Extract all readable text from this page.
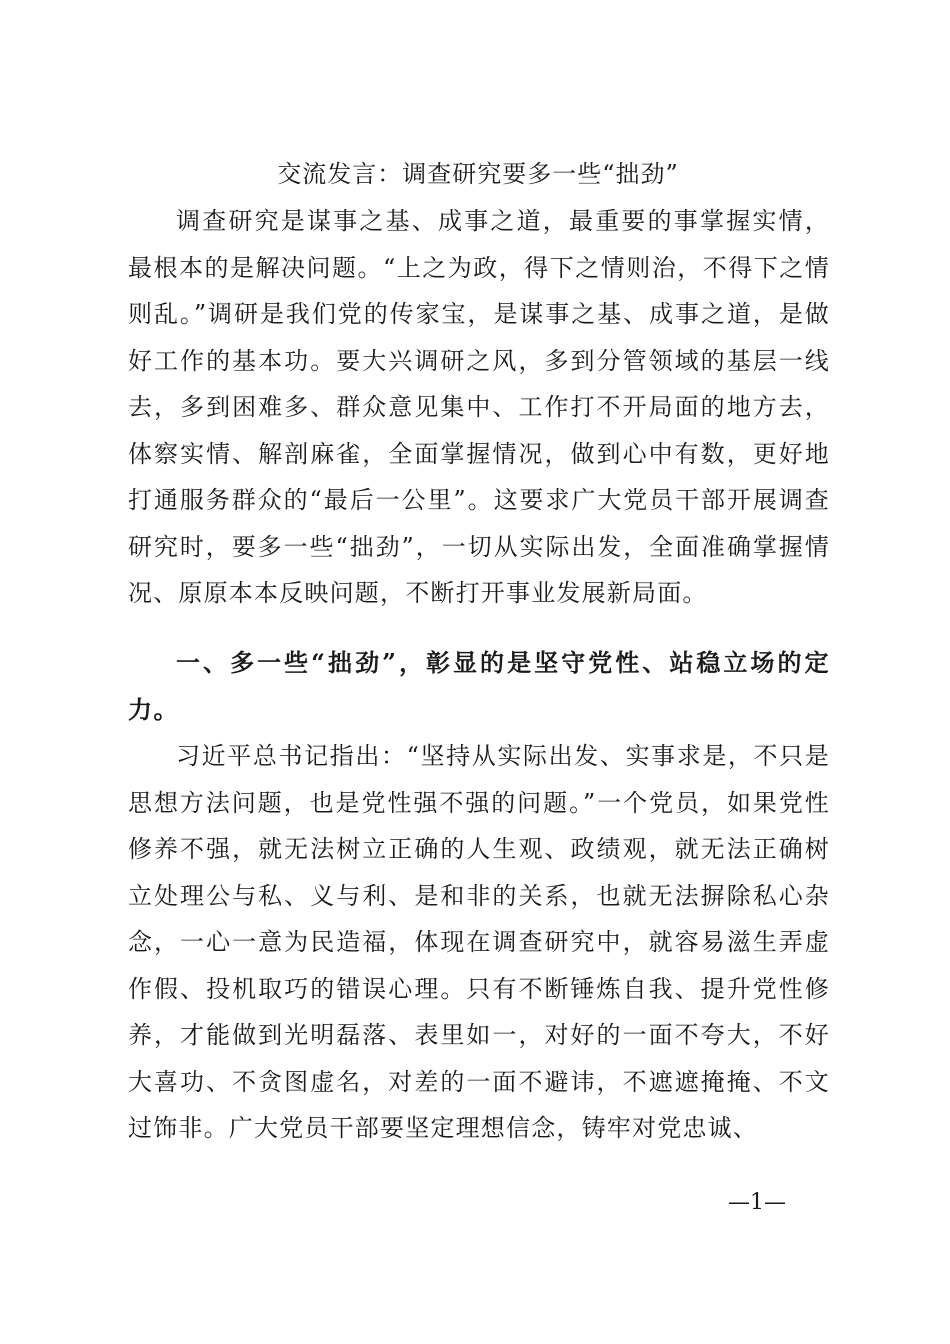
交流发言：调查研究要多一些“拙劲”

调查研究是谋事之基、成事之道，最重要的事掌握实情，最根本的是解决问题。“上之为政，得下之情则治，不得下之情则乱。”调研是我们党的传家宝，是谋事之基、成事之道，是做好工作的基本功。要大兴调研之风，多到分管领域的基层一线去，多到困难多、群众意见集中、工作打不开局面的地方去，体察实情、解剖麻雀，全面掌握情况，做到心中有数，更好地打通服务群众的“最后一公里”。这要求广大党员干部开展调查研究时，要多一些“拙劲”，一切从实际出发，全面准确掌握情况、原原本本反映问题，不断打开事业发展新局面。

一、多一些“拙劲”，彰显的是坚守党性、站稳立场的定力。

习近平总书记指出：“坚持从实际出发、实事求是，不只是思想方法问题，也是党性强不强的问题。”一个党员，如果党性修养不强，就无法树立正确的人生观、政绩观，就无法正确树立处理公与私、义与利、是和非的关系，也就无法摒除私心杂念，一心一意为民造福，体现在调查研究中，就容易滋生弄虚作假、投机取巧的错误心理。只有不断锤炼自我、提升党性修养，才能做到光明磊落、表里如一，对好的一面不夸大，不好大喜功、不贪图虚名，对差的一面不避讳，不遮遮掩掩、不文过饰非。广大党员干部要坚定理想信念，铸牢对党忠诚、

—1—
